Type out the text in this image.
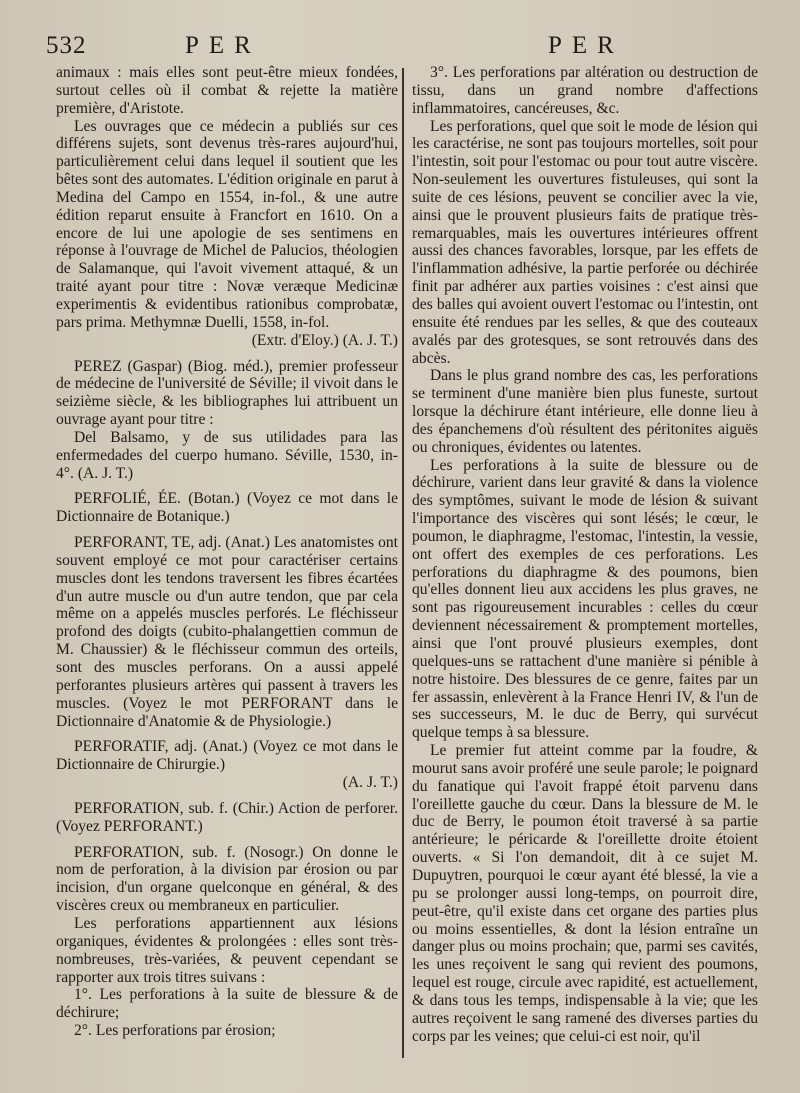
532	PER	PER

animaux : mais elles sont peut-être mieux fondées, surtout celles où il combat & rejette la matière première, d'Aristote.

Les ouvrages que ce médecin a publiés sur ces différens sujets, sont devenus très-rares aujourd'hui, particulièrement celui dans lequel il soutient que les bêtes sont des automates. L'édition originale en parut à Medina del Campo en 1554, in-fol., & une autre édition reparut ensuite à Francfort en 1610. On a encore de lui une apologie de ses sentimens en réponse à l'ouvrage de Michel de Palucios, théologien de Salamanque, qui l'avoit vivement attaqué, & un traité ayant pour titre : Novæ veræque Medicinæ experimentis & evidentibus rationibus comprobatæ, pars prima. Methymnæ Duelli, 1558, in-fol.

(Extr. d'Eloy.) (A. J. T.)

PEREZ (Gaspar) (Biog. méd.), premier professeur de médecine de l'université de Séville; il vivoit dans le seizième siècle, & les bibliographes lui attribuent un ouvrage ayant pour titre :

Del Balsamo, y de sus utilidades para las enfermedades del cuerpo humano. Séville, 1530, in-4°. (A. J. T.)

PERFOLIÉ, ÉE. (Botan.) (Voyez ce mot dans le Dictionnaire de Botanique.)

PERFORANT, TE, adj. (Anat.) Les anatomistes ont souvent employé ce mot pour caractériser certains muscles dont les tendons traversent les fibres écartées d'un autre muscle ou d'un autre tendon, que par cela même on a appelés muscles perforés. Le fléchisseur profond des doigts (cubito-phalangettien commun de M. Chaussier) & le fléchisseur commun des orteils, sont des muscles perforans. On a aussi appelé perforantes plusieurs artères qui passent à travers les muscles. (Voyez le mot PERFORANT dans le Dictionnaire d'Anatomie & de Physiologie.)

PERFORATIF, adj. (Anat.) (Voyez ce mot dans le Dictionnaire de Chirurgie.)

(A. J. T.)

PERFORATION, sub. f. (Chir.) Action de perforer. (Voyez PERFORANT.)

PERFORATION, sub. f. (Nosogr.) On donne le nom de perforation, à la division par érosion ou par incision, d'un organe quelconque en général, & des viscères creux ou membraneux en particulier.

Les perforations appartiennent aux lésions organiques, évidentes & prolongées : elles sont très-nombreuses, très-variées, & peuvent cependant se rapporter aux trois titres suivans :

1°. Les perforations à la suite de blessure & de déchirure;

2°. Les perforations par érosion;

3°. Les perforations par altération ou destruction de tissu, dans un grand nombre d'affections inflammatoires, cancéreuses, &c.

Les perforations, quel que soit le mode de lésion qui les caractérise, ne sont pas toujours mortelles, soit pour l'intestin, soit pour l'estomac ou pour tout autre viscère. Non-seulement les ouvertures fistuleuses, qui sont la suite de ces lésions, peuvent se concilier avec la vie, ainsi que le prouvent plusieurs faits de pratique très-remarquables, mais les ouvertures intérieures offrent aussi des chances favorables, lorsque, par les effets de l'inflammation adhésive, la partie perforée ou déchirée finit par adhérer aux parties voisines : c'est ainsi que des balles qui avoient ouvert l'estomac ou l'intestin, ont ensuite été rendues par les selles, & que des couteaux avalés par des grotesques, se sont retrouvés dans des abcès.

Dans le plus grand nombre des cas, les perforations se terminent d'une manière bien plus funeste, surtout lorsque la déchirure étant intérieure, elle donne lieu à des épanchemens d'où résultent des péritonites aiguës ou chroniques, évidentes ou latentes.

Les perforations à la suite de blessure ou de déchirure, varient dans leur gravité & dans la violence des symptômes, suivant le mode de lésion & suivant l'importance des viscères qui sont lésés; le cœur, le poumon, le diaphragme, l'estomac, l'intestin, la vessie, ont offert des exemples de ces perforations. Les perforations du diaphragme & des poumons, bien qu'elles donnent lieu aux accidens les plus graves, ne sont pas rigoureusement incurables : celles du cœur deviennent nécessairement & promptement mortelles, ainsi que l'ont prouvé plusieurs exemples, dont quelques-uns se rattachent d'une manière si pénible à notre histoire. Des blessures de ce genre, faites par un fer assassin, enlevèrent à la France Henri IV, & l'un de ses successeurs, M. le duc de Berry, qui survécut quelque temps à sa blessure.

Le premier fut atteint comme par la foudre, & mourut sans avoir proféré une seule parole; le poignard du fanatique qui l'avoit frappé étoit parvenu dans l'oreillette gauche du cœur. Dans la blessure de M. le duc de Berry, le poumon étoit traversé à sa partie antérieure; le péricarde & l'oreillette droite étoient ouverts. « Si l'on demandoit, dit à ce sujet M. Dupuytren, pourquoi le cœur ayant été blessé, la vie a pu se prolonger aussi long-temps, on pourroit dire, peut-être, qu'il existe dans cet organe des parties plus ou moins essentielles, & dont la lésion entraîne un danger plus ou moins prochain; que, parmi ses cavités, les unes reçoivent le sang qui revient des poumons, lequel est rouge, circule avec rapidité, est actuellement, & dans tous les temps, indispensable à la vie; que les autres reçoivent le sang ramené des diverses parties du corps par les veines; que celui-ci est noir, qu'il
